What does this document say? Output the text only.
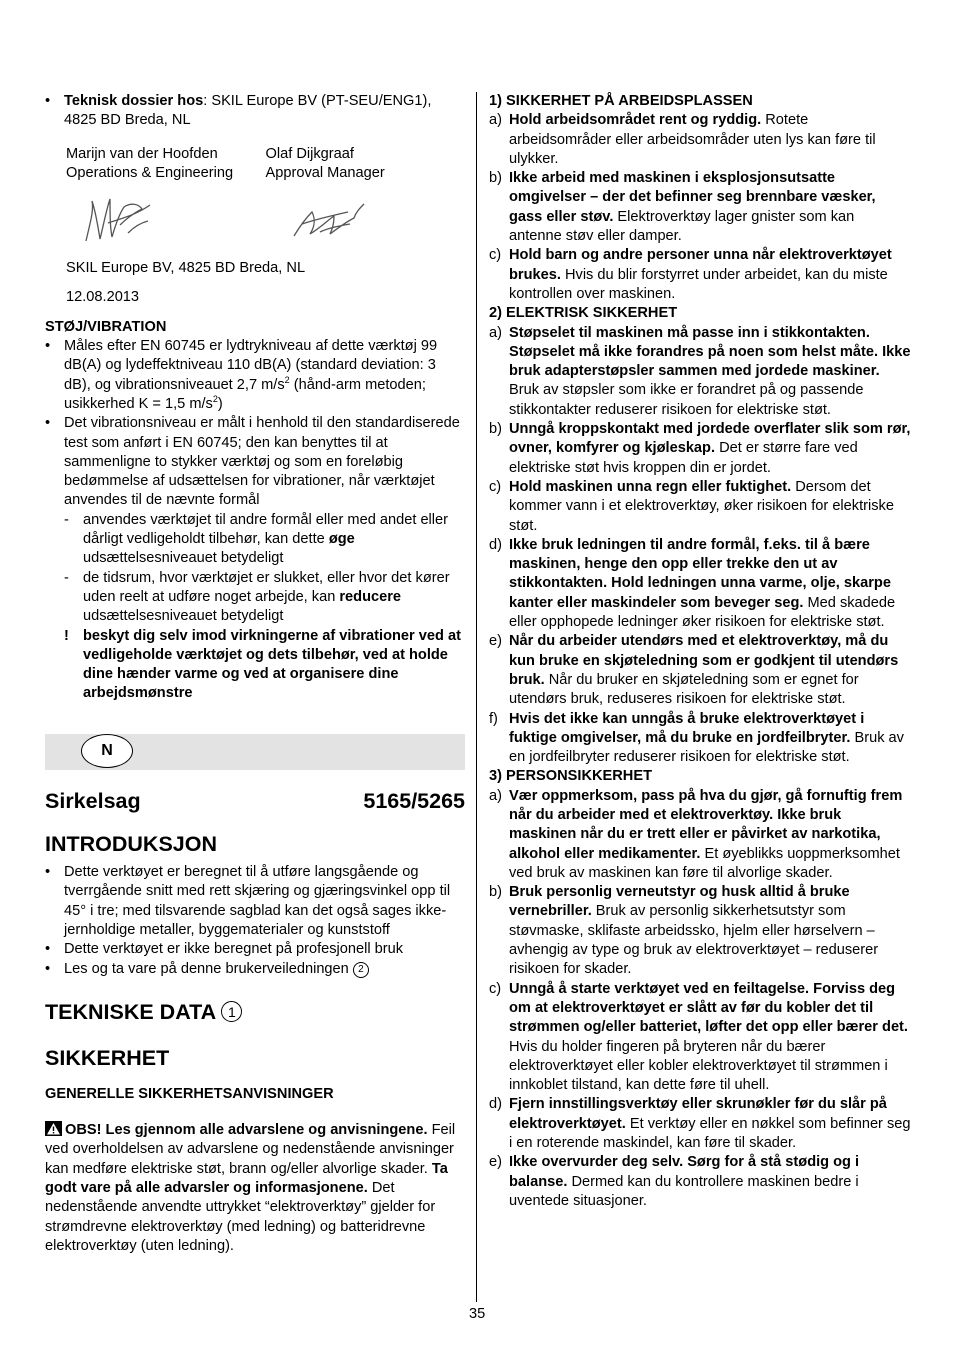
• Teknisk dossier hos: SKIL Europe BV (PT-SEU/ENG1), 4825 BD Breda, NL

Marijn van der Hoofden
Operations & Engineering
Olaf Dijkgraaf
Approval Manager

SKIL Europe BV, 4825 BD Breda, NL

12.08.2013

STØJ/VIBRATION

• Måles efter EN 60745 er lydtrykniveau af dette værktøj 99 dB(A) og lydeffektniveau 110 dB(A) (standard deviation: 3 dB), og vibrationsniveauet 2,7 $m/s^2$ (hånd-arm metoden; usikkerhed K = 1,5 $m/s^2$)

• Det vibrationsniveau er målt i henhold til den standardiserede test som anført i EN 60745; den kan benyttes til at sammenligne to stykker værktøj og som en foreløbig bedømmelse af udsættelsen for vibrationer, når værktøjet anvendes til de nævnte formål

- anvendes værktøjet til andre formål eller med andet eller dårligt vedligeholdt tilbehør, kan dette øge udsættelsesniveauet betydeligt

- de tidsrum, hvor værktøjet er slukket, eller hvor det kører uden reelt at udføre noget arbejde, kan reducere udsættelsesniveauet betydeligt

! beskyt dig selv imod virkningerne af vibrationer ved at vedligeholde værktøjet og dets tilbehør, ved at holde dine hænder varme og ved at organisere dine arbejdsmønstre

N
Sirkelsag	5165/5265

INTRODUKSJON

• Dette verktøyet er beregnet til å utføre langsgående og tverrgående snitt med rett skjæring og gjæringsvinkel opp til 45° i tre; med tilsvarende sagblad kan det også sages ikke-jernholdige metaller, byggematerialer og kunststoff

• Dette verktøyet er ikke beregnet på profesjonell bruk

• Les og ta vare på denne brukerveiledningen 2

TEKNISKE DATA 1

SIKKERHET

GENERELLE SIKKERHETSANVISNINGER

OBS! Les gjennom alle advarslene og anvisningene. Feil ved overholdelsen av advarslene og nedenstående anvisninger kan medføre elektriske støt, brann og/eller alvorlige skader. Ta godt vare på alle advarsler og informasjonene. Det nedenstående anvendte uttrykket “elektroverktøy” gjelder for strømdrevne elektroverktøy (med ledning) og batteridrevne elektroverktøy (uten ledning).

1) SIKKERHET PÅ ARBEIDSPLASSEN

a) Hold arbeidsområdet rent og ryddig. Rotete arbeidsområder eller arbeidsområder uten lys kan føre til ulykker.

b) Ikke arbeid med maskinen i eksplosjonsutsatte omgivelser – der det befinner seg brennbare væsker, gass eller støv. Elektroverktøy lager gnister som kan antenne støv eller damper.

c) Hold barn og andre personer unna når elektroverktøyet brukes. Hvis du blir forstyrret under arbeidet, kan du miste kontrollen over maskinen.

2) ELEKTRISK SIKKERHET

a) Støpselet til maskinen må passe inn i stikkontakten. Støpselet må ikke forandres på noen som helst måte. Ikke bruk adapterstøpsler sammen med jordede maskiner. Bruk av støpsler som ikke er forandret på og passende stikkontakter reduserer risikoen for elektriske støt.

b) Unngå kroppskontakt med jordede overflater slik som rør, ovner, komfyrer og kjøleskap. Det er større fare ved elektriske støt hvis kroppen din er jordet.

c) Hold maskinen unna regn eller fuktighet. Dersom det kommer vann i et elektroverktøy, øker risikoen for elektriske støt.

d) Ikke bruk ledningen til andre formål, f.eks. til å bære maskinen, henge den opp eller trekke den ut av stikkontakten. Hold ledningen unna varme, olje, skarpe kanter eller maskindeler som beveger seg. Med skadede eller opphopede ledninger øker risikoen for elektriske støt.

e) Når du arbeider utendørs med et elektroverktøy, må du kun bruke en skjøteledning som er godkjent til utendørs bruk. Når du bruker en skjøteledning som er egnet for utendørs bruk, reduseres risikoen for elektriske støt.

f) Hvis det ikke kan unngås å bruke elektroverktøyet i fuktige omgivelser, må du bruke en jordfeilbryter. Bruk av en jordfeilbryter reduserer risikoen for elektriske støt.

3) PERSONSIKKERHET

a) Vær oppmerksom, pass på hva du gjør, gå fornuftig frem når du arbeider med et elektroverktøy. Ikke bruk maskinen når du er trett eller er påvirket av narkotika, alkohol eller medikamenter. Et øyeblikks uoppmerksomhet ved bruk av maskinen kan føre til alvorlige skader.

b) Bruk personlig verneutstyr og husk alltid å bruke vernebriller. Bruk av personlig sikkerhetsutstyr som støvmaske, sklifaste arbeidssko, hjelm eller hørselvern – avhengig av type og bruk av elektroverktøyet – reduserer risikoen for skader.

c) Unngå å starte verktøyet ved en feiltagelse. Forviss deg om at elektroverktøyet er slått av før du kobler det til strømmen og/eller batteriet, løfter det opp eller bærer det. Hvis du holder fingeren på bryteren når du bærer elektroverktøyet eller kobler elektroverktøyet til strømmen i innkoblet tilstand, kan dette føre til uhell.

d) Fjern innstillingsverktøy eller skrunøkler før du slår på elektroverktøyet. Et verktøy eller en nøkkel som befinner seg i en roterende maskindel, kan føre til skader.

e) Ikke overvurder deg selv. Sørg for å stå stødig og i balanse. Dermed kan du kontrollere maskinen bedre i uventede situasjoner.

35
